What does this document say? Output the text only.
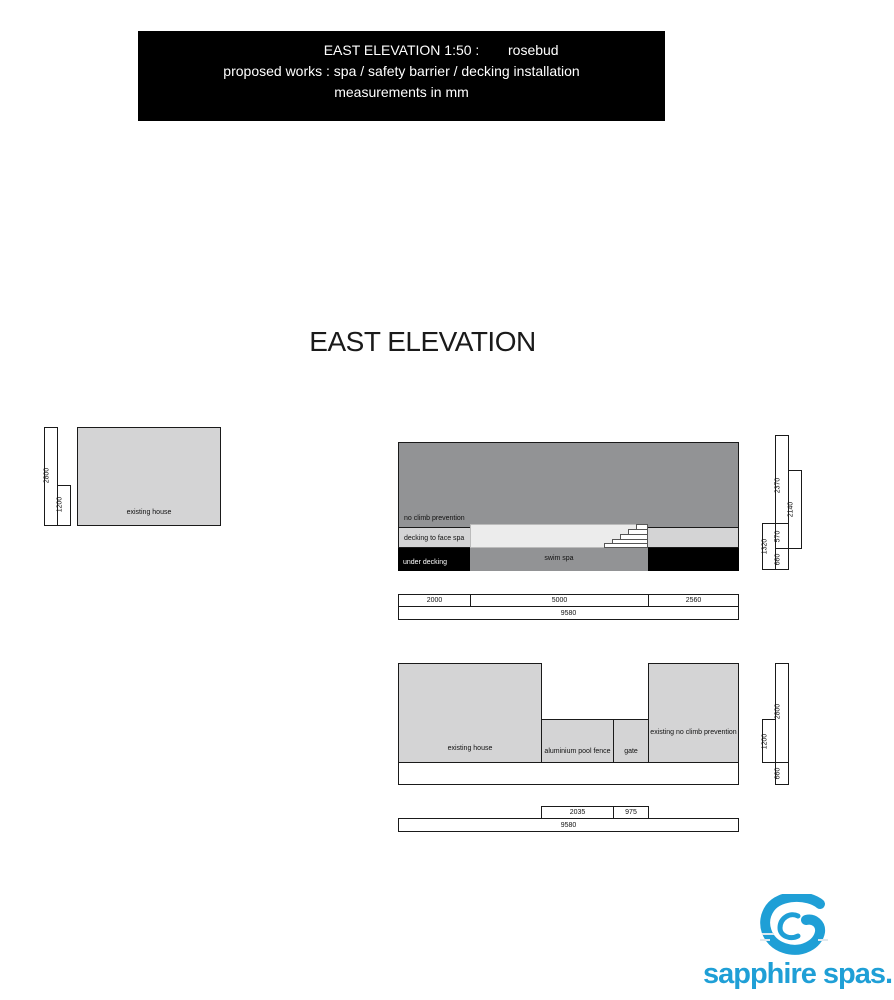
EAST ELEVATION 1:50 : rosebud
proposed works : spa / safety barrier / decking installation
measurements in mm
EAST ELEVATION
2800
1200
existing house
no climb prevention
decking to face spa
under decking
swim spa
2370
2140
1320
570
660
2000	5000	2560
9580
existing house	aluminium pool fence	gate
existing no climb prevention
2800
1200
660
2035	975
9580
sapphire spas.
